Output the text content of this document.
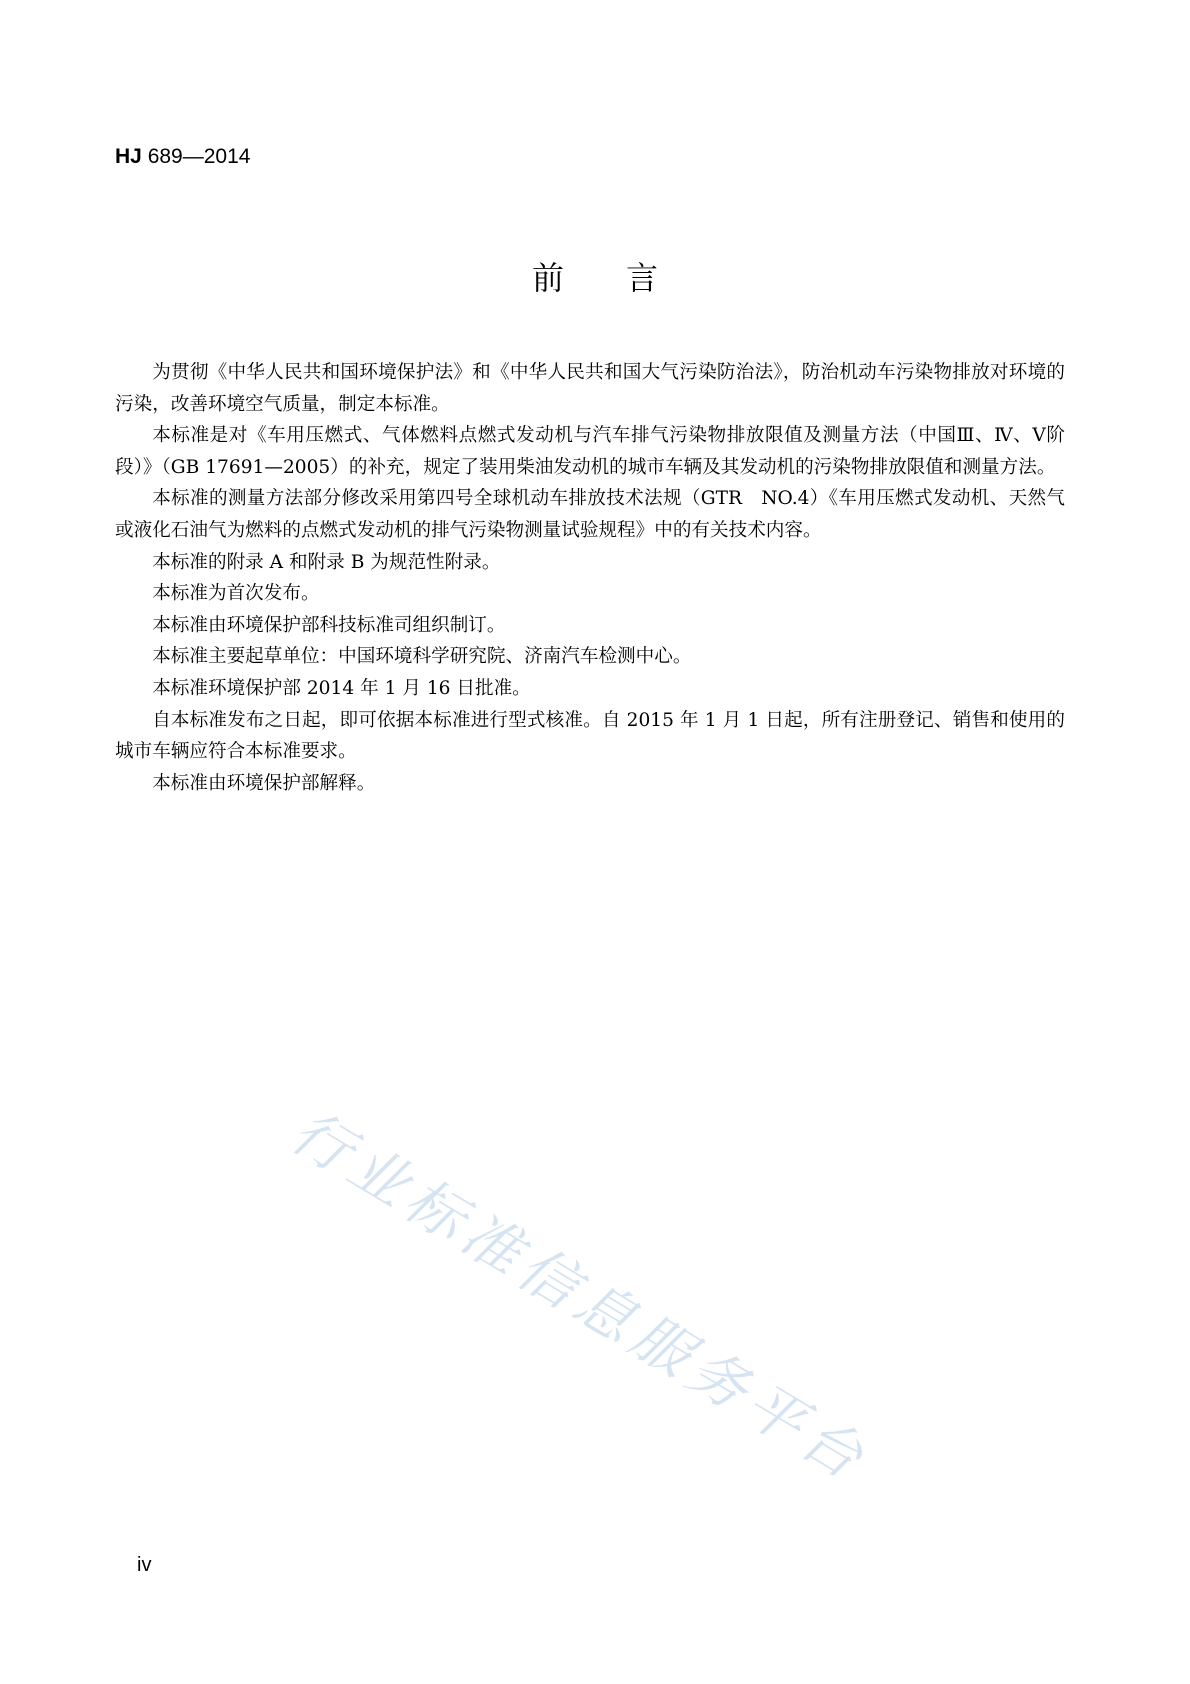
HJ 689—2014
前言

为贯彻《中华人民共和国环境保护法》和《中华人民共和国大气污染防治法》，防治机动车污染物排放对环境的污染，改善环境空气质量，制定本标准。

本标准是对《车用压燃式、气体燃料点燃式发动机与汽车排气污染物排放限值及测量方法（中国Ⅲ、Ⅳ、Ⅴ阶段）》（GB 17691—2005）的补充，规定了装用柴油发动机的城市车辆及其发动机的污染物排放限值和测量方法。

本标准的测量方法部分修改采用第四号全球机动车排放技术法规（GTR　NO.4）《车用压燃式发动机、天然气或液化石油气为燃料的点燃式发动机的排气污染物测量试验规程》中的有关技术内容。

本标准的附录 A 和附录 B 为规范性附录。

本标准为首次发布。

本标准由环境保护部科技标准司组织制订。

本标准主要起草单位：中国环境科学研究院、济南汽车检测中心。

本标准环境保护部 2014 年 1 月 16 日批准。

自本标准发布之日起，即可依据本标准进行型式核准。自 2015 年 1 月 1 日起，所有注册登记、销售和使用的城市车辆应符合本标准要求。

本标准由环境保护部解释。

行业标准信息服务平台
iv
